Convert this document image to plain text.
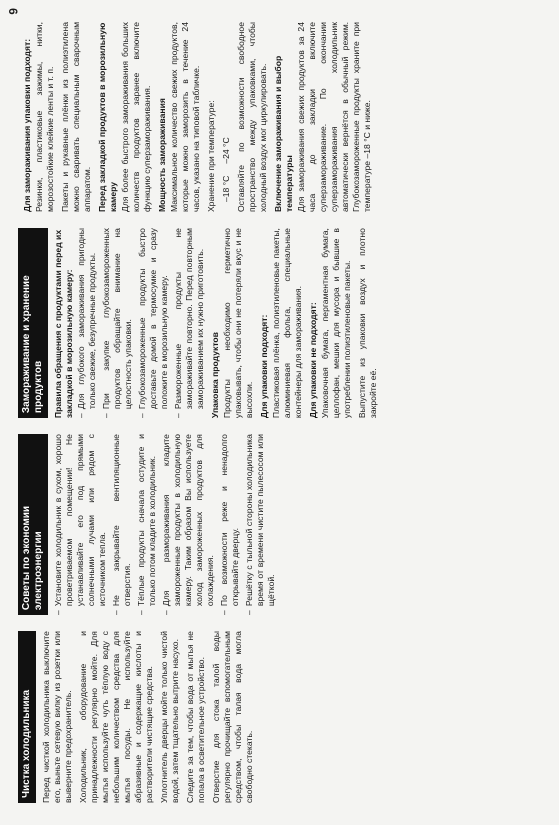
6
Чистка холодильника	Перед чисткой холодильника выключите его, выньте сетевую вилку из розетки или выверните предохранитель. Холодильник, оборудование и принадлежности регулярно мойте. Для мытья используйте чуть тёплую воду с небольшим количеством средства для мытья посуды. Не используйте абразивные и содержащие кислоты и растворители чистящие средства. Уплотнитель дверцы мойте только чистой водой, затем тщательно вытрите насухо. Следите за тем, чтобы вода от мытья не попала в осветительное устройство. Отверстие для стока талой воды регулярно прочищайте вспомогательным средством, чтобы талая вода могла свободно стекать.

Советы по экономии электроэнергии	– Установите холодильник в сухом, хорошо проветриваемом помещении! Не устанавливайте его под прямыми солнечными лучами или рядом с источником тепла. – Не закрывайте вентиляционные отверстия. – Тёплые продукты сначала остудите и только потом кладите в холодильник. – Для размораживания кладите замороженные продукты в холодильную камеру. Таким образом Вы используете холод замороженных продуктов для охлаждения. – По возможности реже и ненадолго открывайте дверцу. – Решётку с тыльной стороны холодильника время от времени чистите пылесосом или щёткой.
Замораживание и хранение продуктов	Правила обращения с продуктами перед их закладкой в морозильную камеру: – Для глубокого замораживания пригодны только свежие, безупречные продукты. – При закупке глубокозамороженных продуктов обращайте внимание на целостность упаковки. – Глубокозамороженные продукты быстро доставьте домой в термосумке и сразу положите в морозильную камеру. – Размороженные продукты не замораживайте повторно. Перед повторным замораживанием их нужно приготовить. Упаковка продуктов Продукты необходимо герметично упаковывать, чтобы они не потеряли вкус и не высохли. Для упаковки подходят: Пластиковая плёнка, полиэтиленовые пакеты, алюминиевая фольга, специальные контейнеры для замораживания. Для упаковки не подходят: Упаковочная бумага, пергаментная бумага, целлофан, мешки для мусора и бывшие в употреблении полиэтиленовые пакеты. Выпустите из упаковки воздух и плотно закройте её.

Для замораживания упаковки подходят: Резинки, пластиковые зажимы, нитки, морозостойкие клейкие ленты и т. п. Пакеты и рукавные плёнки из полиэтилена можно сваривать специальным сварочным аппаратом. Перед закладкой продуктов в морозильную камеру Для более быстрого замораживания больших количеств продуктов заранее включите функцию суперзамораживания. Мощность замораживания Максимальное количество свежих продуктов, которые можно заморозить в течение 24 часов, указано на типовой табличке. Хранение при температуре: –18 °C
–24 °C Оставляйте по возможности свободное пространство между упаковками, чтобы холодный воздух мог циркулировать. Включение замораживания и выбор температуры Для замораживания свежих продуктов за 24 часа до закладки включите суперзамораживание. По окончании суперзамораживания холодильник автоматически вернётся в обычный режим. Глубокозамороженные продукты храните при температуре –18 °C и ниже.
